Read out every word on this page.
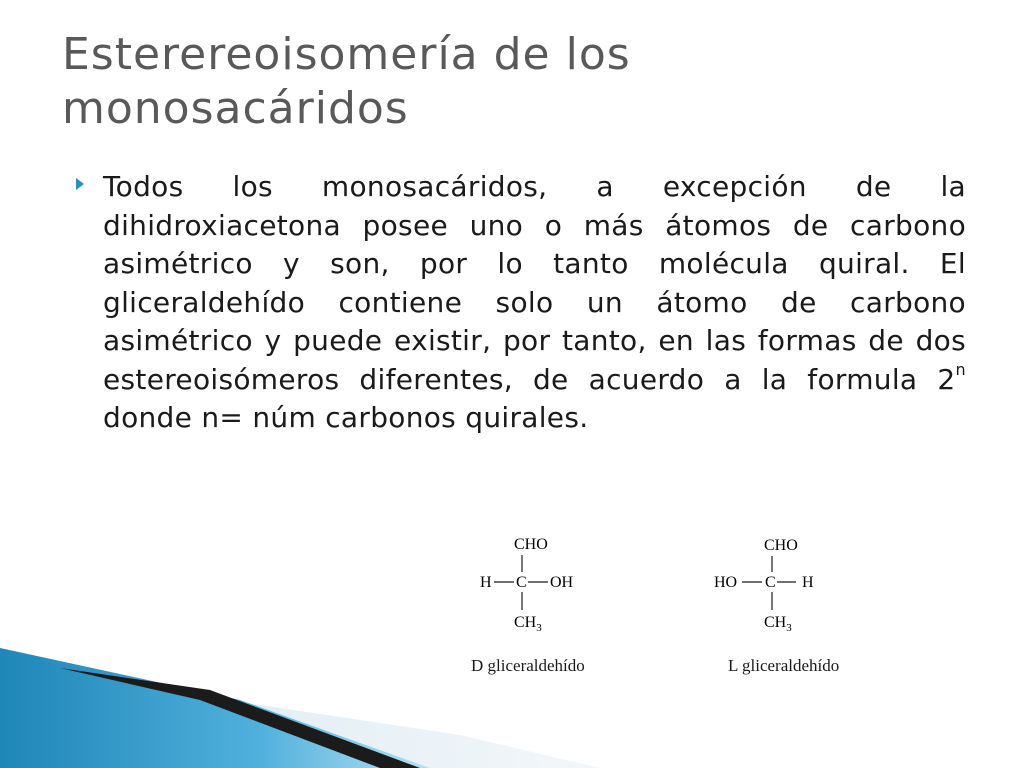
Esterereoisomería de los monosacáridos

Todos los monosacáridos, a excepción de la dihidroxiacetona posee uno o más átomos de carbono asimétrico y son, por lo tanto molécula quiral. El gliceraldehído contiene solo un átomo de carbono asimétrico y puede existir, por tanto, en las formas de dos estereoisómeros diferentes, de acuerdo a la formula 2$^n$ donde n= núm carbonos quirales.

CHO
H C OH
$CH_3$
D gliceraldehído
CHO
HO C H
$CH_3$
L gliceraldehído
